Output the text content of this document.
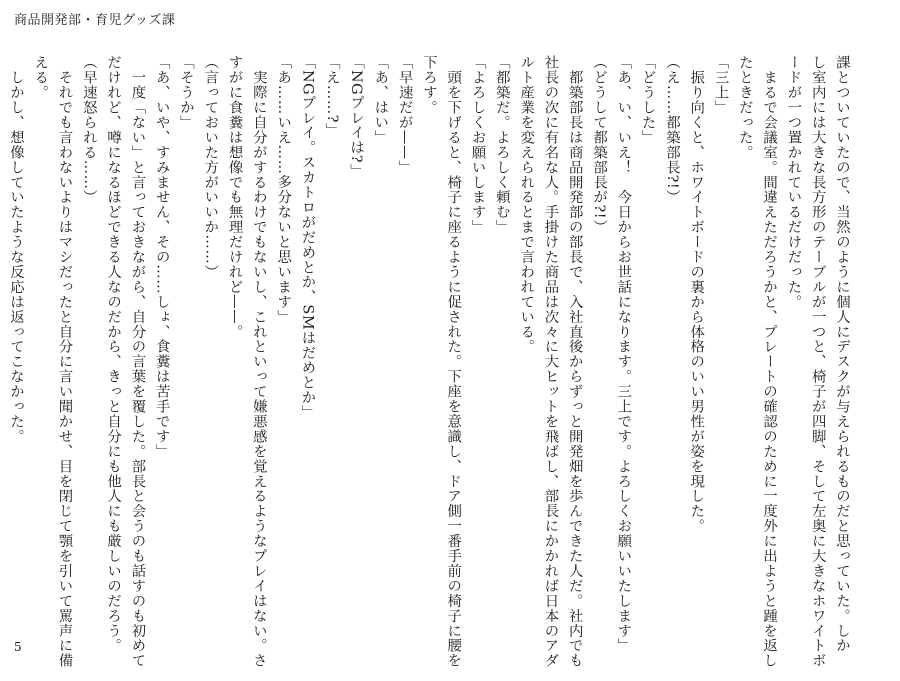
商品開発部・育児グッズ課

課とついていたので、当然のように個人にデスクが与えられるものだと思っていた。しか

し室内には大きな長方形のテーブルが一つと、椅子が四脚、そして左奥に大きなホワイトボ

ードが一つ置かれているだけだった。

　まるで会議室。間違えただろうかと、プレートの確認のために一度外に出ようと踵を返し

たときだった。

「三上」

　振り向くと、ホワイトボードの裏から体格のいい男性が姿を現した。

（え……都築部長?!）

「どうした」

「あ、い、いえ！　今日からお世話になります。三上です。よろしくお願いいたします」

（どうして都築部長が?!）

　都築部長は商品開発部の部長で、入社直後からずっと開発畑を歩んできた人だ。社内でも

社長の次に有名な人。手掛けた商品は次々に大ヒットを飛ばし、部長にかかれば日本のアダ

ルト産業を変えられるとまで言われている。

「都築だ。よろしく頼む」

「よろしくお願いします」

　頭を下げると、椅子に座るように促された。下座を意識し、ドア側一番手前の椅子に腰を

下ろす。

「早速だが——」

「あ、はい」

「NGプレイは?」

「え……?」

「NGプレイ。スカトロがだめとか、SMはだめとか」

「あ……いえ……多分ないと思います」

　実際に自分がするわけでもないし、これといって嫌悪感を覚えるようなプレイはない。さ

すがに食糞は想像でも無理だけれど——。

（言っておいた方がいいか……）

「そうか」

「あ、いや、すみません、その……しょ、食糞は苦手です」

　一度「ない」と言っておきながら、自分の言葉を覆した。部長と会うのも話すのも初めて

だけれど、噂になるほどできる人なのだから、きっと自分にも他人にも厳しいのだろう。

（早速怒られる……）

　それでも言わないよりはマシだったと自分に言い聞かせ、目を閉じて顎を引いて罵声に備

える。

　しかし、想像していたような反応は返ってこなかった。

5
